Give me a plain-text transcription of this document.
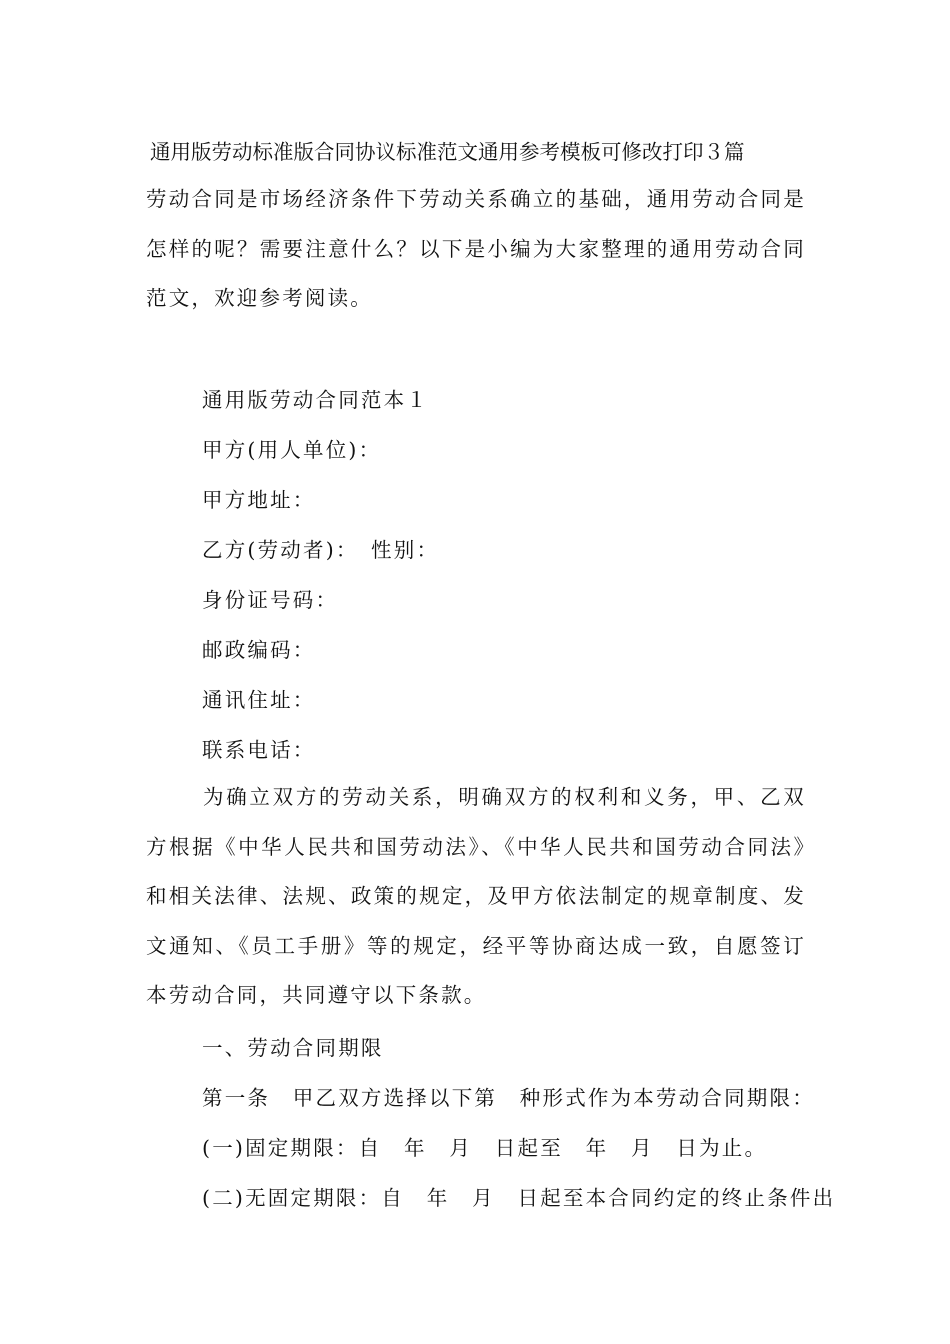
通用版劳动标准版合同协议标准范文通用参考模板可修改打印３篇

劳动合同是市场经济条件下劳动关系确立的基础，通用劳动合同是怎样的呢？需要注意什么？以下是小编为大家整理的通用劳动合同范文，欢迎参考阅读。

通用版劳动合同范本１

甲方(用人单位)：

甲方地址：

乙方(劳动者)：　性别：

身份证号码：

邮政编码：

通讯住址：

联系电话：

为确立双方的劳动关系，明确双方的权利和义务，甲、乙双方根据《中华人民共和国劳动法》、《中华人民共和国劳动合同法》和相关法律、法规、政策的规定，及甲方依法制定的规章制度、发文通知、《员工手册》等的规定，经平等协商达成一致，自愿签订本劳动合同，共同遵守以下条款。

一、劳动合同期限

第一条　甲乙双方选择以下第　种形式作为本劳动合同期限：

(一)固定期限：自　年　月　日起至　年　月　日为止。

(二)无固定期限：自　年　月　日起至本合同约定的终止条件出
